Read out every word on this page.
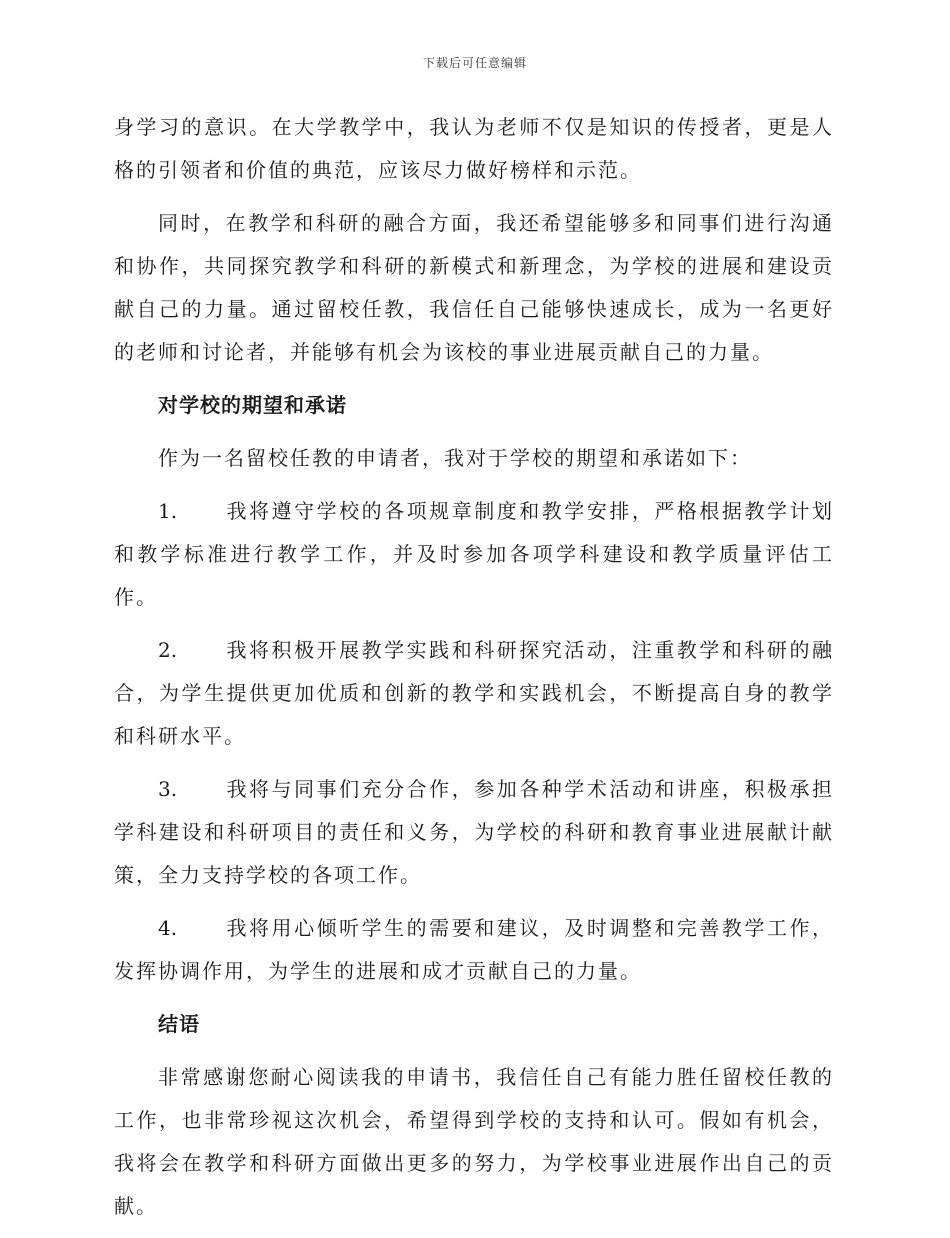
下载后可任意编辑

身学习的意识。在大学教学中，我认为老师不仅是知识的传授者，更是人格的引领者和价值的典范，应该尽力做好榜样和示范。

同时，在教学和科研的融合方面，我还希望能够多和同事们进行沟通和协作，共同探究教学和科研的新模式和新理念，为学校的进展和建设贡献自己的力量。通过留校任教，我信任自己能够快速成长，成为一名更好的老师和讨论者，并能够有机会为该校的事业进展贡献自己的力量。

对学校的期望和承诺

作为一名留校任教的申请者，我对于学校的期望和承诺如下：

1. 我将遵守学校的各项规章制度和教学安排，严格根据教学计划和教学标准进行教学工作，并及时参加各项学科建设和教学质量评估工作。

2. 我将积极开展教学实践和科研探究活动，注重教学和科研的融合，为学生提供更加优质和创新的教学和实践机会，不断提高自身的教学和科研水平。

3. 我将与同事们充分合作，参加各种学术活动和讲座，积极承担学科建设和科研项目的责任和义务，为学校的科研和教育事业进展献计献策，全力支持学校的各项工作。

4. 我将用心倾听学生的需要和建议，及时调整和完善教学工作，发挥协调作用，为学生的进展和成才贡献自己的力量。

结语

非常感谢您耐心阅读我的申请书，我信任自己有能力胜任留校任教的工作，也非常珍视这次机会，希望得到学校的支持和认可。假如有机会，我将会在教学和科研方面做出更多的努力，为学校事业进展作出自己的贡献。
